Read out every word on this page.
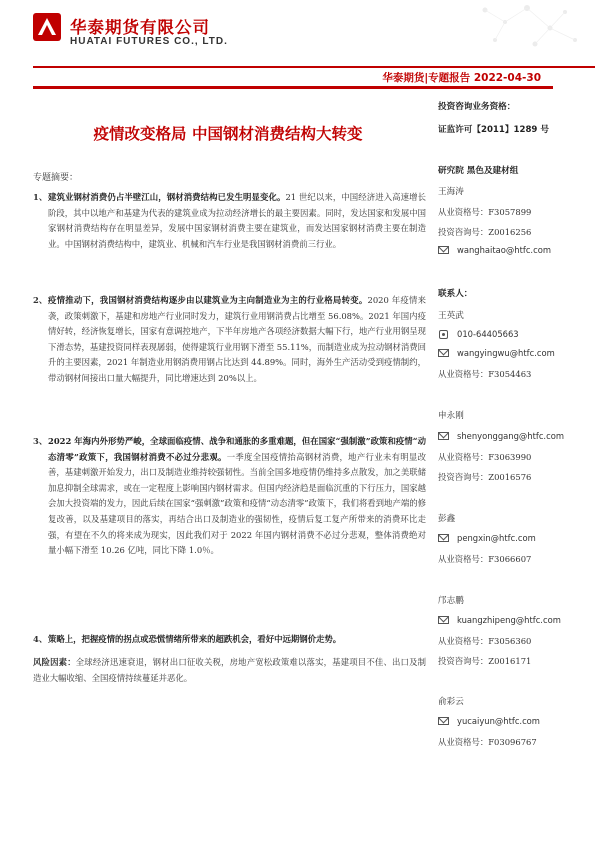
华泰期货有限公司
HUATAI FUTURES CO., LTD.
华泰期货|专题报告 2022-04-30
疫情改变格局 中国钢材消费结构大转变
专题摘要：
1、 建筑业钢材消费仍占半壁江山，钢材消费结构已发生明显变化。21 世纪以来，中国经济进入高速增长阶段，其中以地产和基建为代表的建筑业成为拉动经济增长的最主要因素。同时，发达国家和发展中国家钢材消费结构存在明显差异，发展中国家钢材消费主要在建筑业，而发达国家钢材消费主要在制造业。中国钢材消费结构中，建筑业、机械和汽车行业是我国钢材消费前三行业。
2、 疫情推动下，我国钢材消费结构逐步由以建筑业为主向制造业为主的行业格局转变。2020 年疫情来袭，政策刺激下，基建和房地产行业同时发力，建筑行业用钢消费占比增至 56.08%。2021 年国内疫情好转，经济恢复增长，国家有意调控地产，下半年房地产各项经济数据大幅下行，地产行业用钢呈现下滑态势，基建投资同样表现孱弱，使得建筑行业用钢下滑至 55.11%，而制造业成为拉动钢材消费回升的主要因素，2021 年制造业用钢消费用钢占比达到 44.89%。同时，海外生产活动受到疫情制约，带动钢材间接出口量大幅提升，同比增速达到 20%以上。
3、 2022 年海内外形势严峻，全球面临疫情、战争和通胀的多重难题，但在国家“强制激”政策和疫情“动态清零”政策下，我国钢材消费不必过分悲观。一季度全国疫情抬高钢材消费，地产行业未有明显改善，基建刺激开始发力，出口及制造业维持较强韧性。当前全国多地疫情仍维持多点散发，加之美联储加息抑制全球需求，或在一定程度上影响国内钢材需求。但国内经济趋是面临沉重的下行压力，国家越会加大投资端的发力，因此后续在国家“强刺激”政策和疫情“动态清零”政策下，我们将看到地产端的修复改善，以及基建项目的落实，再结合出口及制造业的强韧性，疫情后复工复产所带来的消费环比走强，有望在不久的将来成为现实，因此我们对于 2022 年国内钢材消费不必过分悲观，整体消费绝对量小幅下滑至 10.26 亿吨，同比下降 1.0％。
4、 策略上，把握疫情的拐点或恐慌情绪所带来的超跌机会，看好中远期钢价走势。
风险因素：全球经济迅速衰退，钢材出口征收关税，房地产宽松政策难以落实，基建项目不佳、出口及制造业大幅收缩、全国疫情持续蔓延并恶化。
投资咨询业务资格：
证监许可【2011】1289 号
研究院 黑色及建材组
王海涛
从业资格号：F3057899
投资咨询号：Z0016256
wanghaitao@htfc.com
联系人：
王英武
010-64405663
wangyingwu@htfc.com
从业资格号：F3054463
申永刚
shenyonggang@htfc.com
从业资格号：F3063990
投资咨询号：Z0016576
彭鑫
pengxin@htfc.com
从业资格号：F3066607
邝志鹏
kuangzhipeng@htfc.com
从业资格号：F3056360
投资咨询号：Z0016171
俞彩云
yucaiyun@htfc.com
从业资格号：F03096767
